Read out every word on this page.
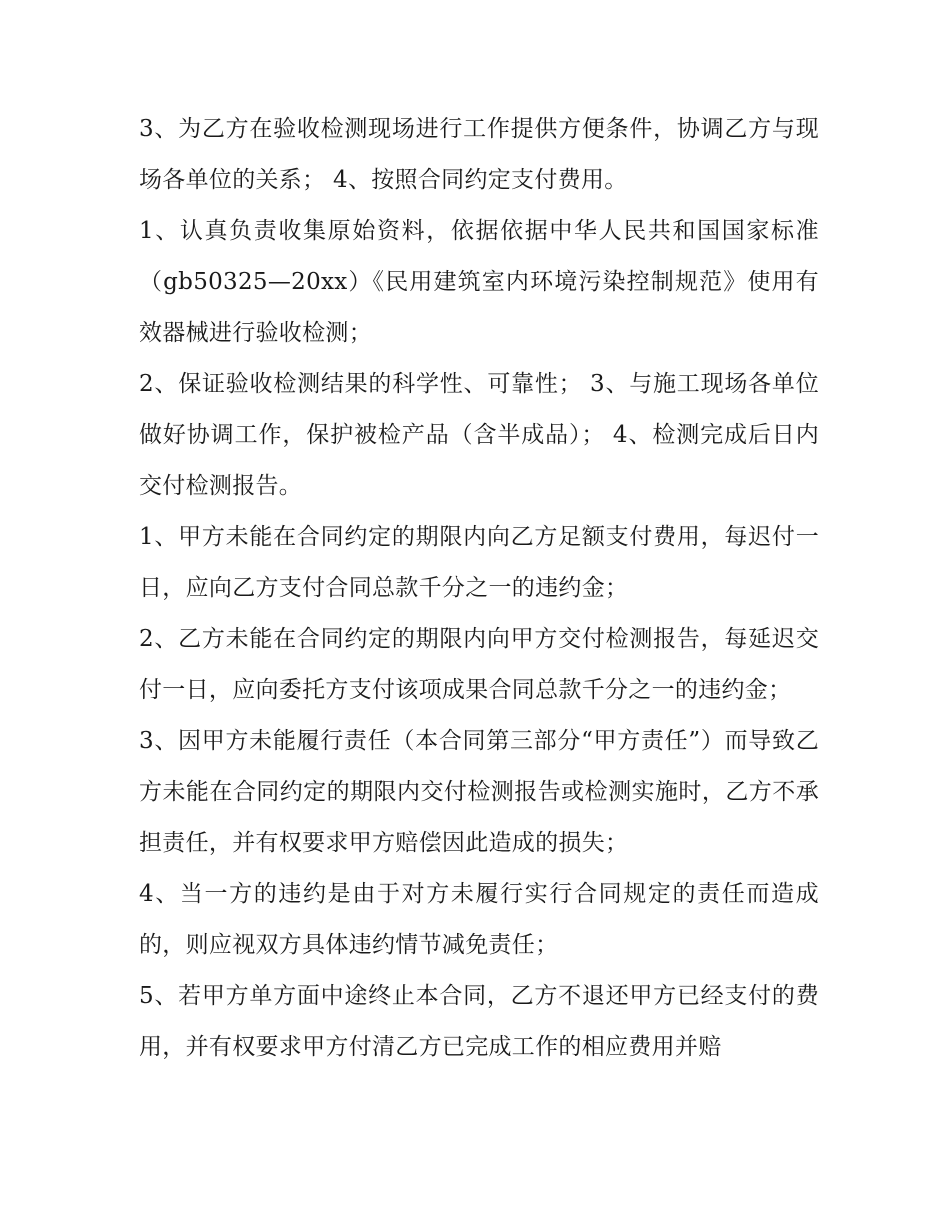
3、为乙方在验收检测现场进行工作提供方便条件，协调乙方与现场各单位的关系； 4、按照合同约定支付费用。

1、认真负责收集原始资料，依据依据中华人民共和国国家标准（gb50325—20xx）《民用建筑室内环境污染控制规范》使用有效器械进行验收检测；

2、保证验收检测结果的科学性、可靠性； 3、与施工现场各单位做好协调工作，保护被检产品（含半成品）； 4、检测完成后日内交付检测报告。

1、甲方未能在合同约定的期限内向乙方足额支付费用，每迟付一日，应向乙方支付合同总款千分之一的违约金；

2、乙方未能在合同约定的期限内向甲方交付检测报告，每延迟交付一日，应向委托方支付该项成果合同总款千分之一的违约金；

3、因甲方未能履行责任（本合同第三部分“甲方责任”）而导致乙方未能在合同约定的期限内交付检测报告或检测实施时，乙方不承担责任，并有权要求甲方赔偿因此造成的损失；

4、当一方的违约是由于对方未履行实行合同规定的责任而造成的，则应视双方具体违约情节减免责任；

5、若甲方单方面中途终止本合同，乙方不退还甲方已经支付的费用，并有权要求甲方付清乙方已完成工作的相应费用并赔
